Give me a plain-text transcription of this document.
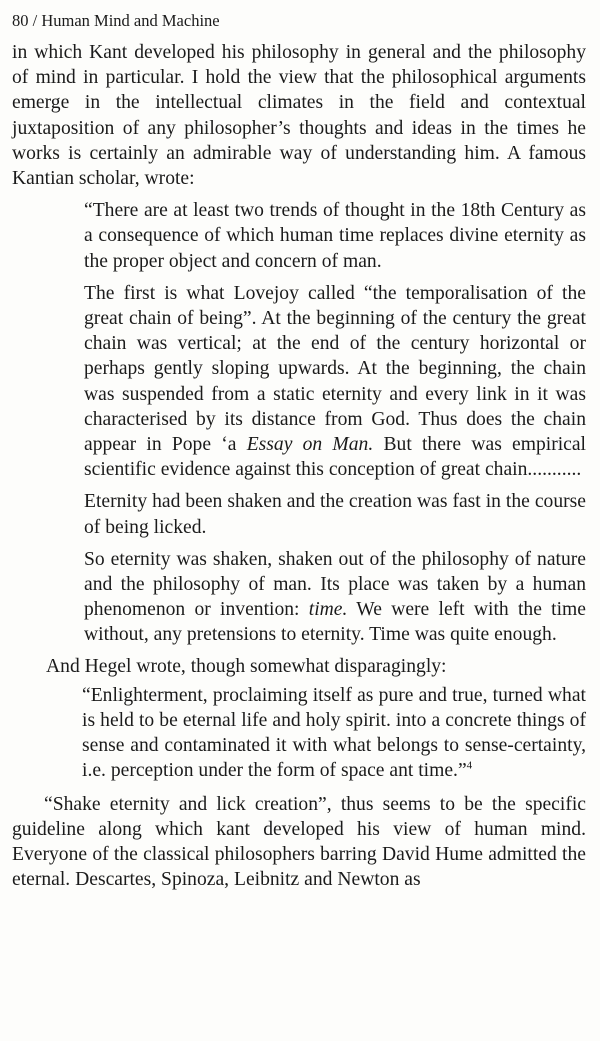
80 / Human Mind and Machine

in which Kant developed his philosophy in general and the philosophy of mind in particular. I hold the view that the philosophical arguments emerge in the intellectual climates in the field and contextual juxtaposition of any philosopher’s thoughts and ideas in the times he works is certainly an admirable way of understanding him. A famous Kantian scholar, wrote:

“There are at least two trends of thought in the 18th Century as a consequence of which human time replaces divine eternity as the proper object and concern of man.

The first is what Lovejoy called “the temporalisation of the great chain of being”. At the beginning of the century the great chain was vertical; at the end of the century horizontal or perhaps gently sloping upwards. At the beginning, the chain was suspended from a static eternity and every link in it was characterised by its distance from God. Thus does the chain appear in Pope ‘a Essay on Man. But there was empirical scientific evidence against this conception of great chain...........

Eternity had been shaken and the creation was fast in the course of being licked.

So eternity was shaken, shaken out of the philosophy of nature and the philosophy of man. Its place was taken by a human phenomenon or invention: time. We were left with the time without, any pretensions to eternity. Time was quite enough.

And Hegel wrote, though somewhat disparagingly:

“Enlighterment, proclaiming itself as pure and true, turned what is held to be eternal life and holy spirit. into a concrete things of sense and contaminated it with what belongs to sense-certainty, i.e. perception under the form of space ant time.”$^4$

“Shake eternity and lick creation”, thus seems to be the specific guideline along which kant developed his view of human mind. Everyone of the classical philosophers barring David Hume admitted the eternal. Descartes, Spinoza, Leibnitz and Newton as
